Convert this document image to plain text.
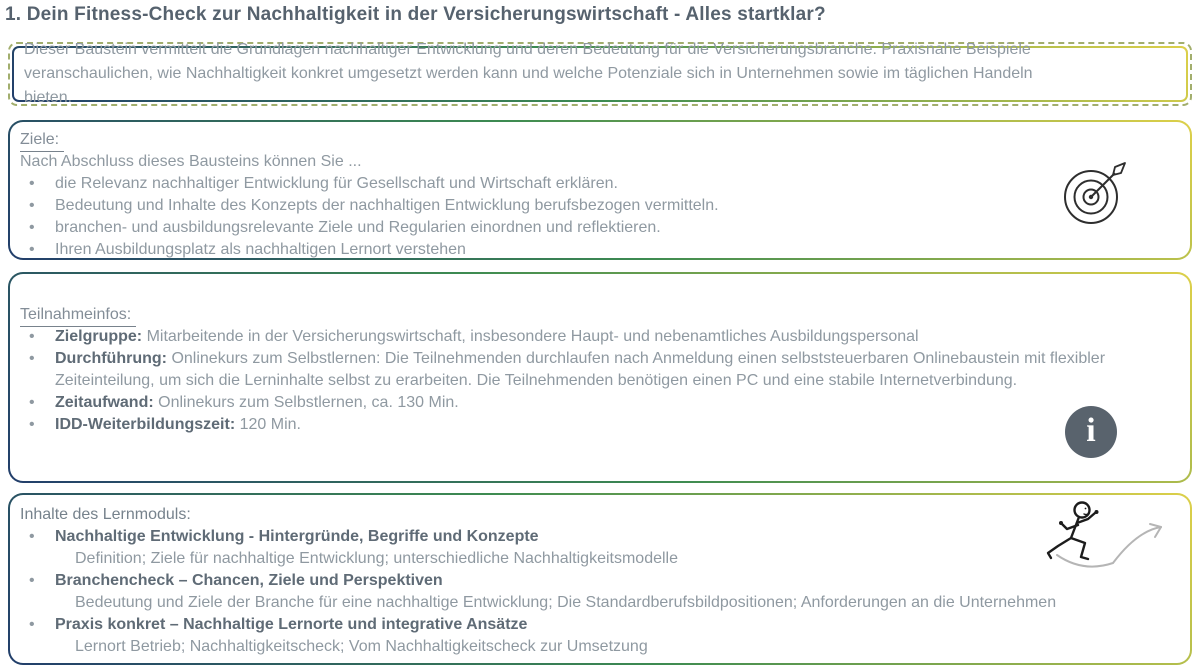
1. Dein Fitness-Check zur Nachhaltigkeit in der Versicherungswirtschaft - Alles startklar?

Dieser Baustein vermittelt die Grundlagen nachhaltiger Entwicklung und deren Bedeutung für die Versicherungsbranche. Praxisnahe Beispiele veranschaulichen, wie Nachhaltigkeit konkret umgesetzt werden kann und welche Potenziale sich in Unternehmen sowie im täglichen Handeln bieten.

Ziele:
Nach Abschluss dieses Bausteins können Sie ...
•	die Relevanz nachhaltiger Entwicklung für Gesellschaft und Wirtschaft erklären.
•	Bedeutung und Inhalte des Konzepts der nachhaltigen Entwicklung berufsbezogen vermitteln.
•	branchen- und ausbildungsrelevante Ziele und Regularien einordnen und reflektieren.
•	Ihren Ausbildungsplatz als nachhaltigen Lernort verstehen
Teilnahmeinfos:
•	Zielgruppe: Mitarbeitende in der Versicherungswirtschaft, insbesondere Haupt- und nebenamtliches Ausbildungspersonal
•	Durchführung: Onlinekurs zum Selbstlernen: Die Teilnehmenden durchlaufen nach Anmeldung einen selbststeuerbaren Onlinebaustein mit flexibler Zeiteinteilung, um sich die Lerninhalte selbst zu erarbeiten. Die Teilnehmenden benötigen einen PC und eine stabile Internetverbindung.
•	Zeitaufwand: Onlinekurs zum Selbstlernen, ca. 130 Min.
•	IDD-Weiterbildungszeit: 120 Min.	i
Inhalte des Lernmoduls:
•	Nachhaltige Entwicklung - Hintergründe, Begriffe und Konzepte
Definition; Ziele für nachhaltige Entwicklung; unterschiedliche Nachhaltigkeitsmodelle
•	Branchencheck – Chancen, Ziele und Perspektiven
Bedeutung und Ziele der Branche für eine nachhaltige Entwicklung; Die Standardberufsbildpositionen; Anforderungen an die Unternehmen
•	Praxis konkret – Nachhaltige Lernorte und integrative Ansätze
Lernort Betrieb; Nachhaltigkeitscheck; Vom Nachhaltigkeitscheck zur Umsetzung
